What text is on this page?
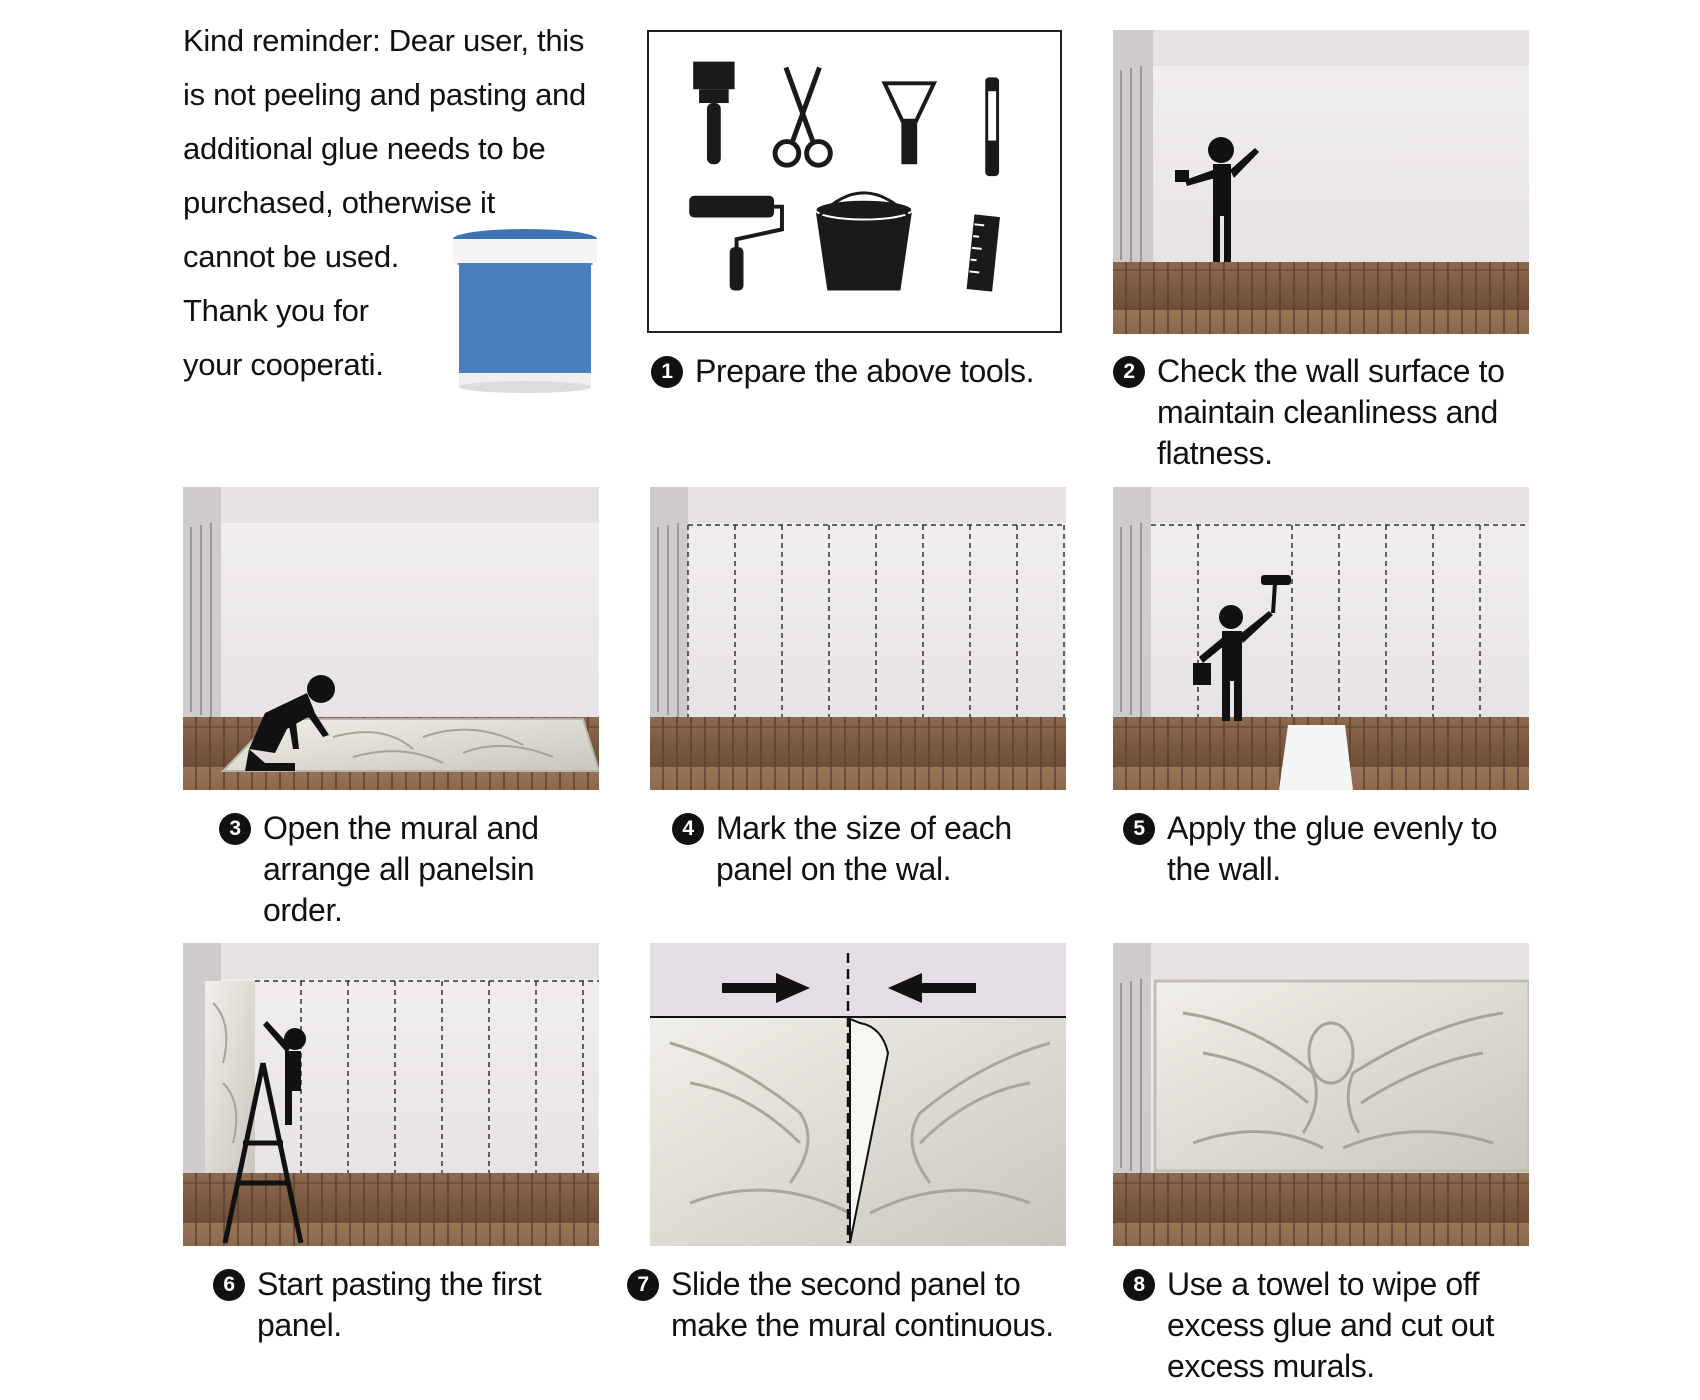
Kind reminder: Dear user, this
is not peeling and pasting and
additional glue needs to be
purchased, otherwise it
cannot be used.
Thank you for
your cooperati.	1 Prepare the above tools.	2 Check the wall surface to maintain cleanliness and flatness.
3 Open the mural and arrange all panelsin order.
4 Mark the size of each panel on the wal.
5 Apply the glue evenly to the wall.
6 Start pasting the first panel.
7 Slide the second panel to make the mural continuous.
8 Use a towel to wipe off excess glue and cut out excess murals.
